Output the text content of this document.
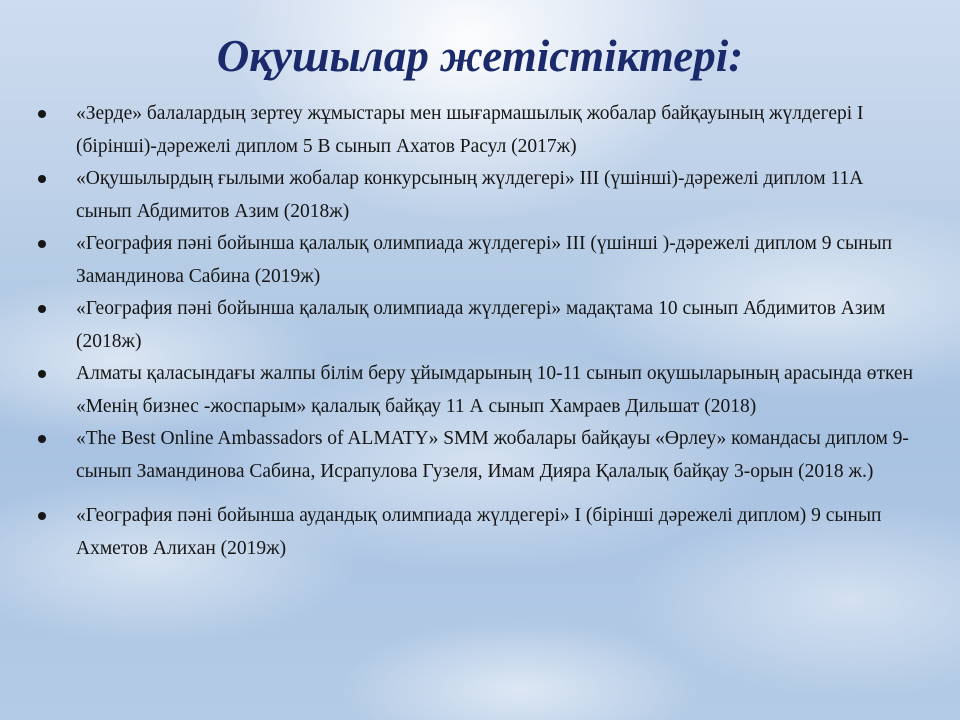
Оқушылар жетістіктері:
«Зерде» балалардың зертеу жұмыстары мен шығармашылық жобалар байқауының жүлдегері I (бірінші)-дәрежелі диплом 5 В сынып Ахатов Расул (2017ж)
«Оқушылырдың ғылыми жобалар конкурсының жүлдегері» III (үшінші)-дәрежелі диплом 11А сынып Абдимитов Азим (2018ж)
«География пәні бойынша қалалық олимпиада жүлдегері» III (үшінші )-дәрежелі диплом 9 сынып Замандинова Сабина (2019ж)
«География пәні бойынша қалалық олимпиада жүлдегері» мадақтама 10 сынып Абдимитов Азим (2018ж)
Алматы қаласындағы жалпы білім беру ұйымдарының 10-11 сынып оқушыларының арасында өткен «Менің бизнес -жоспарым» қалалық байқау 11 А сынып Хамраев Дильшат (2018)
«The Best Online Ambassadors of ALMATY» SMM жобалары байқауы «Өрлеу» командасы диплом 9-сынып Замандинова Сабина, Исрапулова Гузеля, Имам Дияра Қалалық байқау 3-орын (2018 ж.)
«География пәні бойынша аудандық олимпиада жүлдегері» I (бірінші дәрежелі диплом) 9 сынып Ахметов Алихан (2019ж)
